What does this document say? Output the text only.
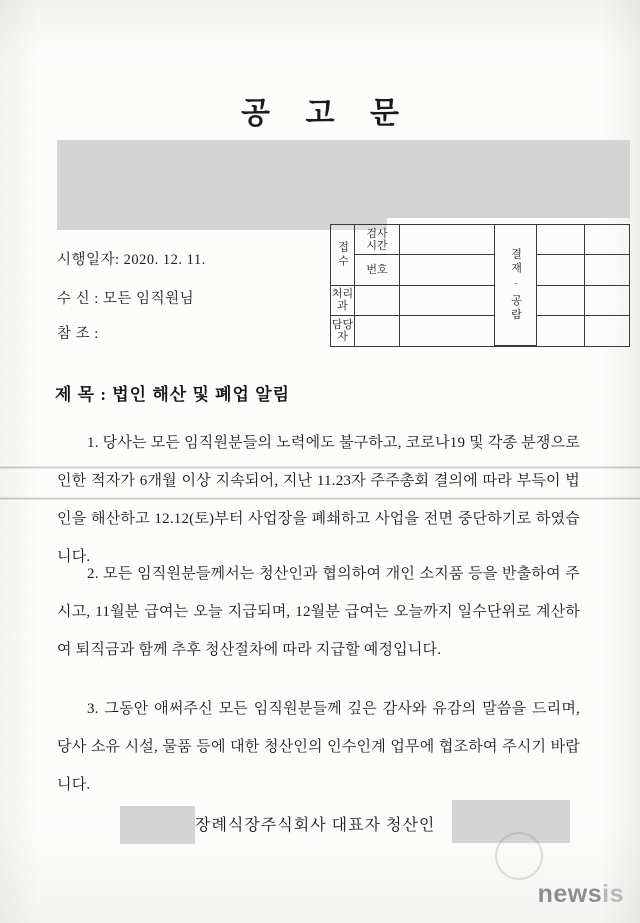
공 고 문
시행일자: 2020. 12. 11.
수 신 : 모든 임직원님
참 조 :
접수
검사
시간
결재 · 공람
번호
처리과
담당자
제 목 : 법인 해산 및 폐업 알림
1. 당사는 모든 임직원분들의 노력에도 불구하고, 코로나19 및 각종 분쟁으로 인한 적자가 6개월 이상 지속되어, 지난 11.23자 주주총회 결의에 따라 부득이 법인을 해산하고 12.12(토)부터 사업장을 폐쇄하고 사업을 전면 중단하기로 하였습니다.
2. 모든 임직원분들께서는 청산인과 협의하여 개인 소지품 등을 반출하여 주시고, 11월분 급여는 오늘 지급되며, 12월분 급여는 오늘까지 일수단위로 계산하여 퇴직금과 함께 추후 청산절차에 따라 지급할 예정입니다.
3. 그동안 애써주신 모든 임직원분들께 깊은 감사와 유감의 말씀을 드리며, 당사 소유 시설, 물품 등에 대한 청산인의 인수인계 업무에 협조하여 주시기 바랍니다.
장례식장주식회사 대표자 청산인
newsis
